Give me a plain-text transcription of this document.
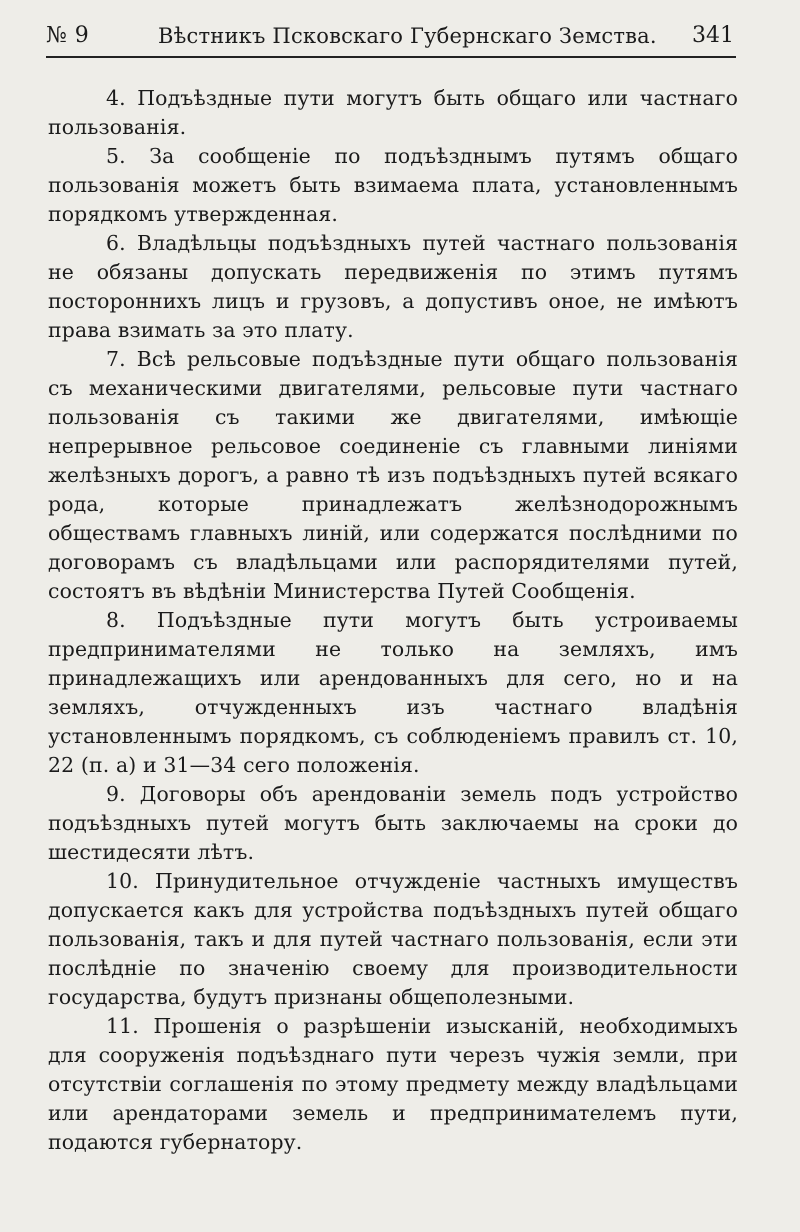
№ 9	Вѣстникъ Псковскаго Губернскаго Земства. 341

4. Подъѣздные пути могутъ быть общаго или частнаго пользованія.

5. За сообщеніе по подъѣзднымъ путямъ общаго пользованія можетъ быть взимаема плата, установленнымъ порядкомъ утвержденная.

6. Владѣльцы подъѣздныхъ путей частнаго пользованія не обязаны допускать передвиженія по этимъ путямъ постороннихъ лицъ и грузовъ, а допустивъ оное, не имѣютъ права взимать за это плату.

7. Всѣ рельсовые подъѣздные пути общаго пользованія съ механическими двигателями, рельсовые пути частнаго пользованія съ такими же двигателями, имѣющіе непрерывное рельсовое соединеніе съ главными линіями желѣзныхъ дорогъ, а равно тѣ изъ подъѣздныхъ путей всякаго рода, которые принадлежатъ желѣзнодорожнымъ обществамъ главныхъ линій, или содержатся послѣдними по договорамъ съ владѣльцами или распорядителями путей, состоятъ въ вѣдѣніи Министерства Путей Сообщенія.

8. Подъѣздные пути могутъ быть устроиваемы предпринимателями не только на земляхъ, имъ принадлежащихъ или арендованныхъ для сего, но и на земляхъ, отчужденныхъ изъ частнаго владѣнія установленнымъ порядкомъ, съ соблюденіемъ правилъ ст. 10, 22 (п. а) и 31—34 сего положенія.

9. Договоры объ арендованіи земель подъ устройство подъѣздныхъ путей могутъ быть заключаемы на сроки до шестидесяти лѣтъ.

10. Принудительное отчужденіе частныхъ имуществъ допускается какъ для устройства подъѣздныхъ путей общаго пользованія, такъ и для путей частнаго пользованія, если эти послѣдніе по значенію своему для производительности государства, будутъ признаны общеполезными.

11. Прошенія о разрѣшеніи изысканій, необходимыхъ для сооруженія подъѣзднаго пути черезъ чужія земли, при отсутствіи соглашенія по этому предмету между владѣльцами или арендаторами земель и предпринимателемъ пути, подаются губернатору.
